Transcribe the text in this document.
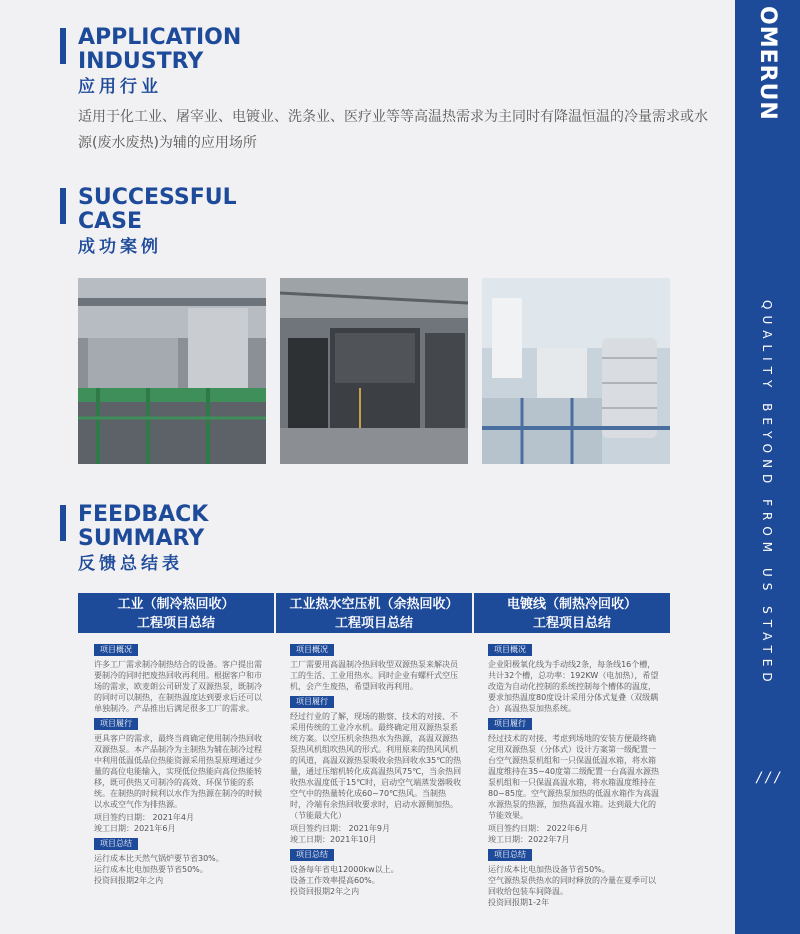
OMERUN
QUALITY BEYOND FROM US STATED
/ / /
APPLICATION
INDUSTRY
应用行业
适用于化工业、屠宰业、电镀业、洗条业、医疗业等等高温热需求为主同时有降温恒温的冷量需求或水源(废水废热)为辅的应用场所
SUCCESSFUL
CASE
成功案例
FEEDBACK
SUMMARY
反馈总结表
工业（制冷热回收）
工程项目总结
工业热水空压机（余热回收）
工程项目总结
电镀线（制热冷回收）
工程项目总结
项目概况
许多工厂需求制冷制热结合的设备。客户提出需要制冷的同时把废热回收再利用。根据客户和市场的需求，欧麦朗公司研发了双源热泵，既制冷的同时可以制热，在制热温度达到要求后还可以单独制冷。产品推出后满足很多工厂的需求。
项目履行
更具客户的需求，最终当商确定使用制冷热回收双源热泵。本产品制冷为主制热为辅在制冷过程中利用低温低品位热能资源采用热泵原理通过少量的高位电能输入，实现低位热能向高位热能转移，既可供热又可制冷的高效、环保节能的系统。在制热的时候利以水作为热源在制冷的时候以水或空气作为排热源。
项目签约日期： 2021年4月
竣工日期：2021年6月
项目总结
运行成本比天然气锅炉要节省30%。
运行成本比电加热要节省50%。
投资回报期2年之内
项目概况
工厂需要用高温制冷热回收型双源热泵来解决员工的生活、工业用热水。同时企业有螺杆式空压机，会产生废热，希望回收再利用。
项目履行
经过行业的了解，现场的勘察、技术的对接、不采用传统的工业冷水机。最终确定用双源热泵系统方案。以空压机余热热水为热源，高温双源热泵热风机组吹热风的形式。利用原来的热风风机的风道，高温双源热泵吸收余热回收水35℃的热量，通过压缩机转化成高温热风75℃，当余热回收热水温度低于15℃时，启动空气端蒸发器吸收空气中的热量转化成60~70℃热风。当制热时，冷端有余热回收要求时，启动水源侧加热。（节能最大化）
项目签约日期： 2021年9月
竣工日期：2021年10月
项目总结
设备每年省电12000kw以上。
设备工作效率提高60%。
投资回报期2年之内
项目概况
企业阳极氧化线为手动线2条，每条线16个槽，共计32个槽，总功率：192KW（电加热），希望改造为自动化控制的系统控制每个槽体的温度，要求加热温度80度设计采用分体式复叠（双级耦合）高温热泵加热系统。
项目履行
经过技术的对接、考虑到场地的安装方便最终确定用双源热泵（分体式）设计方案第一级配置一台空气源热泵机组和一只保温低温水箱，将水箱温度维持在35~40度第二级配置一台高温水源热泵机组和一只保温高温水箱，将水箱温度维持在80~85度。空气源热泵加热的低温水箱作为高温水源热泵的热源，加热高温水箱。达到最大化的节能效果。
项目签约日期： 2022年6月
竣工日期：2022年7月
项目总结
运行成本比电加热设备节省50%。
空气源热泵供热水的同时释放的冷量在夏季可以回收给包装车间降温。
投资回报期1-2年
